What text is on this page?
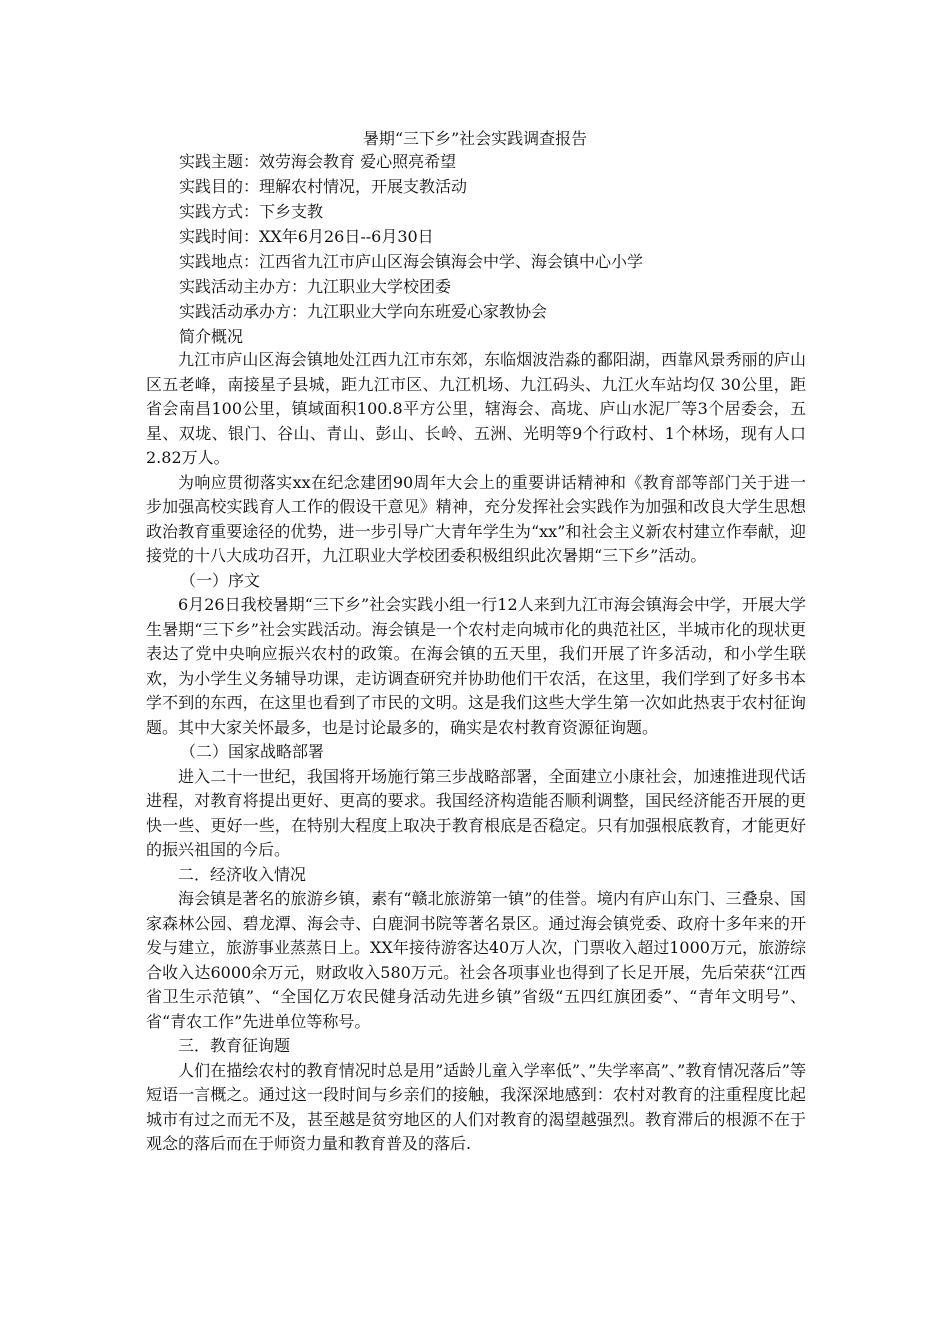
暑期“三下乡”社会实践调查报告
实践主题：效劳海会教育 爱心照亮希望
实践目的：理解农村情况，开展支教活动
实践方式：下乡支教
实践时间：XX年6月26日--6月30日
实践地点：江西省九江市庐山区海会镇海会中学、海会镇中心小学
实践活动主办方：九江职业大学校团委
实践活动承办方：九江职业大学向东班爱心家教协会
简介概况

九江市庐山区海会镇地处江西九江市东郊，东临烟波浩淼的鄱阳湖，西靠风景秀丽的庐山区五老峰，南接星子县城，距九江市区、九江机场、九江码头、九江火车站均仅 30公里，距省会南昌100公里，镇域面积100.8平方公里，辖海会、高垅、庐山水泥厂等3个居委会，五星、双垅、银门、谷山、青山、彭山、长岭、五洲、光明等9个行政村、1个林场，现有人口2.82万人。

为响应贯彻落实xx在纪念建团90周年大会上的重要讲话精神和《教育部等部门关于进一步加强高校实践育人工作的假设干意见》精神，充分发挥社会实践作为加强和改良大学生思想政治教育重要途径的优势，进一步引导广大青年学生为“xx”和社会主义新农村建立作奉献，迎接党的十八大成功召开，九江职业大学校团委积极组织此次暑期“三下乡”活动。

（一）序文

6月26日我校暑期“三下乡”社会实践小组一行12人来到九江市海会镇海会中学，开展大学生暑期“三下乡”社会实践活动。海会镇是一个农村走向城市化的典范社区，半城市化的现状更表达了党中央响应振兴农村的政策。在海会镇的五天里，我们开展了许多活动，和小学生联欢，为小学生义务辅导功课，走访调查研究并协助他们干农活，在这里，我们学到了好多书本学不到的东西，在这里也看到了市民的文明。这是我们这些大学生第一次如此热衷于农村征询题。其中大家关怀最多，也是讨论最多的，确实是农村教育资源征询题。

（二）国家战略部署

进入二十一世纪，我国将开场施行第三步战略部署，全面建立小康社会，加速推进现代话进程，对教育将提出更好、更高的要求。我国经济构造能否顺利调整，国民经济能否开展的更快一些、更好一些，在特别大程度上取决于教育根底是否稳定。只有加强根底教育，才能更好的振兴祖国的今后。

二．经济收入情况

海会镇是著名的旅游乡镇，素有“赣北旅游第一镇”的佳誉。境内有庐山东门、三叠泉、国家森林公园、碧龙潭、海会寺、白鹿洞书院等著名景区。通过海会镇党委、政府十多年来的开发与建立，旅游事业蒸蒸日上。XX年接待游客达40万人次，门票收入超过1000万元，旅游综合收入达6000余万元，财政收入580万元。社会各项事业也得到了长足开展，先后荣获“江西省卫生示范镇”、“全国亿万农民健身活动先进乡镇”省级“五四红旗团委”、“青年文明号”、省“青农工作”先进单位等称号。

三．教育征询题

人们在描绘农村的教育情况时总是用”适龄儿童入学率低”、”失学率高”、”教育情况落后”等短语一言概之。通过这一段时间与乡亲们的接触，我深深地感到：农村对教育的注重程度比起城市有过之而无不及，甚至越是贫穷地区的人们对教育的渴望越强烈。教育滞后的根源不在于观念的落后而在于师资力量和教育普及的落后.
